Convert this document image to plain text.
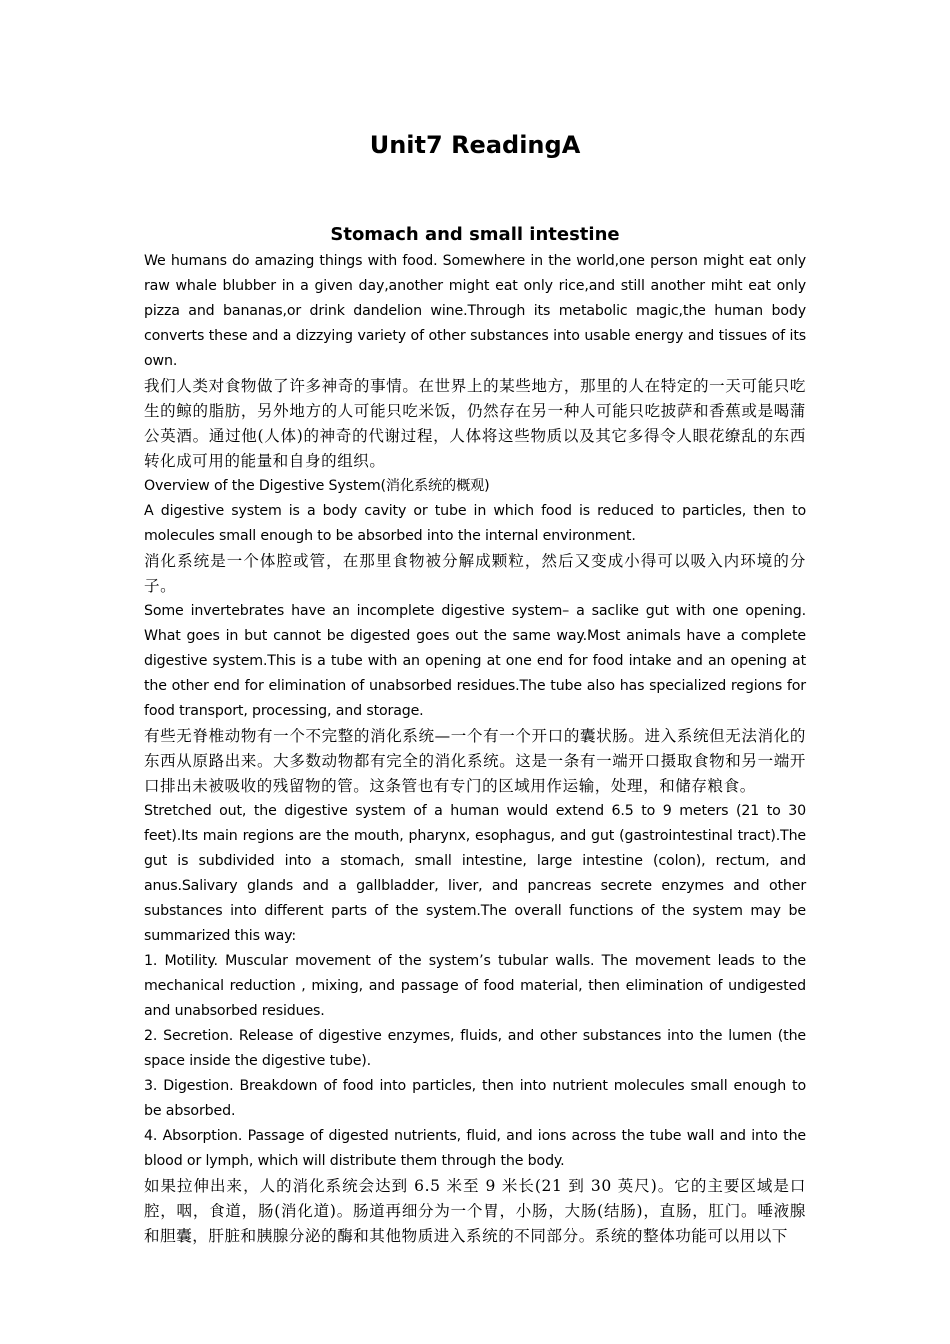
Unit7 ReadingA
Stomach and small intestine

We humans do amazing things with food. Somewhere in the world,one person might eat only raw whale blubber in a given day,another might eat only rice,and still another miht eat only pizza and bananas,or drink dandelion wine.Through its metabolic magic,the human body converts these and a dizzying variety of other substances into usable energy and tissues of its own.

我们人类对食物做了许多神奇的事情。在世界上的某些地方，那里的人在特定的一天可能只吃生的鲸的脂肪，另外地方的人可能只吃米饭，仍然存在另一种人可能只吃披萨和香蕉或是喝蒲公英酒。通过他(人体)的神奇的代谢过程，人体将这些物质以及其它多得令人眼花缭乱的东西转化成可用的能量和自身的组织。

Overview of the Digestive System(消化系统的概观)

A digestive system is a body cavity or tube in which food is reduced to particles, then to molecules small enough to be absorbed into the internal environment.

消化系统是一个体腔或管，在那里食物被分解成颗粒，然后又变成小得可以吸入内环境的分子。

Some invertebrates have an incomplete digestive system– a saclike gut with one opening. What goes in but cannot be digested goes out the same way.Most animals have a complete digestive system.This is a tube with an opening at one end for food intake and an opening at the other end for elimination of unabsorbed residues.The tube also has specialized regions for food transport, processing, and storage.

有些无脊椎动物有一个不完整的消化系统—一个有一个开口的囊状肠。进入系统但无法消化的东西从原路出来。大多数动物都有完全的消化系统。这是一条有一端开口摄取食物和另一端开口排出未被吸收的残留物的管。这条管也有专门的区域用作运输，处理，和储存粮食。

Stretched out, the digestive system of a human would extend 6.5 to 9 meters (21 to 30 feet).Its main regions are the mouth, pharynx, esophagus, and gut (gastrointestinal tract).The gut is subdivided into a stomach, small intestine, large intestine (colon), rectum, and anus.Salivary glands and a gallbladder, liver, and pancreas secrete enzymes and other substances into different parts of the system.The overall functions of the system may be summarized this way:

1. Motility. Muscular movement of the system’s tubular walls. The movement leads to the mechanical reduction , mixing, and passage of food material, then elimination of undigested and unabsorbed residues.

2. Secretion. Release of digestive enzymes, fluids, and other substances into the lumen (the space inside the digestive tube).

3. Digestion. Breakdown of food into particles, then into nutrient molecules small enough to be absorbed.

4. Absorption. Passage of digested nutrients, fluid, and ions across the tube wall and into the blood or lymph, which will distribute them through the body.

如果拉伸出来，人的消化系统会达到 6.5 米至 9 米长(21 到 30 英尺)。它的主要区域是口腔，咽，食道，肠(消化道)。肠道再细分为一个胃，小肠，大肠(结肠)，直肠，肛门。唾液腺和胆囊，肝脏和胰腺分泌的酶和其他物质进入系统的不同部分。系统的整体功能可以用以下
